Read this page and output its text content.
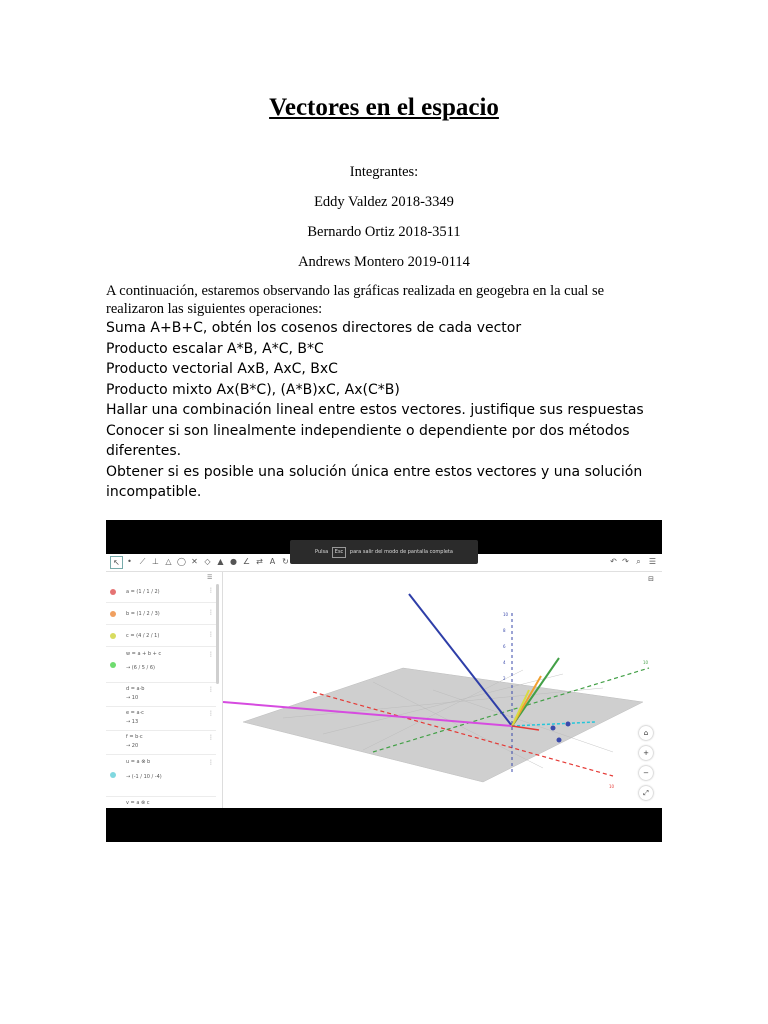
Vectores en el espacio
Integrantes:
Eddy Valdez 2018-3349
Bernardo Ortiz 2018-3511
Andrews Montero 2019-0114
A continuación, estaremos observando las gráficas realizada en geogebra en la cual se realizaron las siguientes operaciones:
Suma A+B+C, obtén los cosenos directores de cada vector
Producto escalar A*B, A*C, B*C
Producto vectorial AxB, AxC, BxC
Producto mixto Ax(B*C), (A*B)xC, Ax(C*B)
Hallar una combinación lineal entre estos vectores. justifique sus respuestas
Conocer si son linealmente independiente o dependiente por dos métodos diferentes.
Obtener si es posible una solución única entre estos vectores y una solución incompatible.
↖ • ⟋ ⊥ △ ◯ ✕ ◇ ▲ ● ∠ ⇄ A ↻	↶ ↷ ⌕	☰
Pulsa Esc para salir del modo de pantalla completa
☰
a = (1 / 1 / 2)	⋮
b = (1 / 2 / 3)	⋮
c = (4 / 2 / 1)	⋮
w = a + b + c
→ (6 / 5 / 6)
⋮
d = a·b
→ 10
⋮
e = a·c
→ 13
⋮
f = b·c
→ 20
⋮
u = a ⊗ b
→ (-1 / 10 / -4)
⋮
v = a ⊗ c
10
8
6
4
2
10
10
⊟
⌂
+
−
⤢
